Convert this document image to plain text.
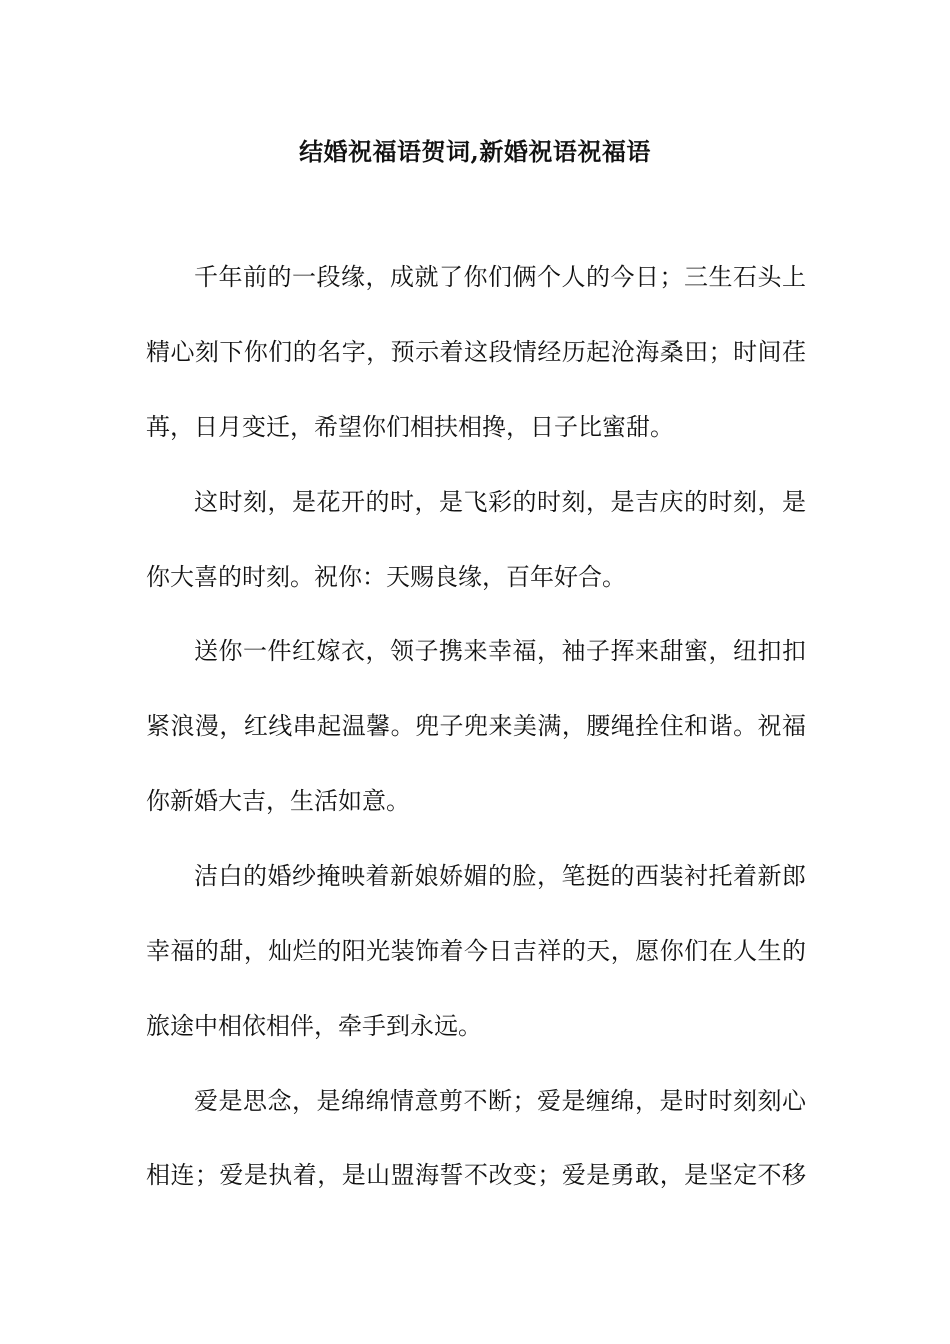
结婚祝福语贺词,新婚祝语祝福语
千年前的一段缘，成就了你们俩个人的今日；三生石头上
精心刻下你们的名字，预示着这段情经历起沧海桑田；时间荏
苒，日月变迁，希望你们相扶相搀，日子比蜜甜。
这时刻，是花开的时，是飞彩的时刻，是吉庆的时刻，是
你大喜的时刻。祝你：天赐良缘，百年好合。
送你一件红嫁衣，领子携来幸福，袖子挥来甜蜜，纽扣扣
紧浪漫，红线串起温馨。兜子兜来美满，腰绳拴住和谐。祝福
你新婚大吉，生活如意。
洁白的婚纱掩映着新娘娇媚的脸，笔挺的西装衬托着新郎
幸福的甜，灿烂的阳光装饰着今日吉祥的天，愿你们在人生的
旅途中相依相伴，牵手到永远。
爱是思念，是绵绵情意剪不断；爱是缠绵，是时时刻刻心
相连；爱是执着，是山盟海誓不改变；爱是勇敢，是坚定不移
